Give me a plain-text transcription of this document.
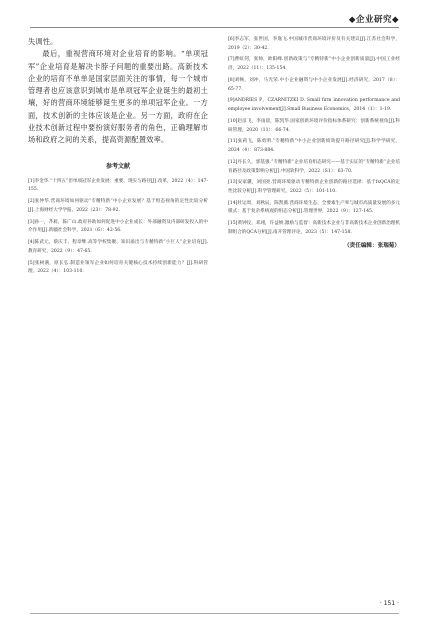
◆企业研究◆

失调性。

最后，重视营商环境对企业培育的影响。“单项冠军”企业培育是解决卡脖子问题的重要出路。高新技术企业的培育不单单是国家层面关注的事情，每一个城市管理者也应该意识到城市是单项冠军企业诞生的最初土壤，好的营商环境能够诞生更多的单项冠军企业。一方面，技术创新的主体应该是企业。另一方面，政府在企业技术创新过程中要扮演好服务者的角色，正确理解市场和政府之间的关系，提高资源配置效率。

参考文献

[1]李金华.“十四五”但单项冠军企业发展：重要、现实与路径[J].改革，2022（4）：147-155.

[2]张仲华.营商环境如何驱动“专精特新”中小企业发展？基于组态视角的定性比较分析[J].上海财经大学学报，2022（23）：78-92.

[3]孙一，齐莉，陈广山.政府补助如何促进中小企业成长：外部融资及内部研发投入的中介作用[J].新疆社会科学，2021（6）：42-56.

[4]陈武元，蔡庆丰，程章继.高等学校集聚、知识溢出与专精特新“小巨人”企业培育[J].教育研究，2022（9）：47-65.

[5]张树满，原长弘.制造业领军企业如何培育关键核心技术持续创新能力？[J].科研管理，2022（4）：103-110.

[6]李志军，张世国，李逸飞.中国城市营商环境评价及有关建议[J].江苏社会科学，2019（2）：30-42.

[7]曹虹剑，张帅，欧阳峰.创新政策与“专精特新”中小企业创新质量[J].中国工业经济，2022（11）：135-154.

[8]刘畅，刘冲，马光荣.中小企业融资与中小企业发展[J].经济研究，2017（8）：65-77.

[9]ANDRIES P，CZARNITZKI D. Small firm innovation performance and employee involvement[J].Small Business Economics，2014（1）：1-19.

[10]赵彦飞，李雨晨，陈凯华.国家创新环境评价指标体系研究：创新系统视角[J].科研管理，2020（11）：66-74.

[11]张莉飞，陈勇明.“专精特新”中小企业创新绩效提升路径研究[J].科学学研究，2024（4）：873-884.

[12]丹长久，郭基强.“专精特新”企业培育组态研究——基于实证的“专精特新”企业培育路径及政策影响分析[J].中国软科学，2022（S1）：63-70.

[13]安家骥，刘国亮.营商环境驱动专精特新企业创新的路径选择：基于fsQCA的定性比较分析[J].科学管理研究，2022（5）：101-110.

[14]杜运周，刘秋辰，陈凯薇.营商环境生态、全要素生产率与城市高质量发展的多元模式：基于复杂系统观的组态分析[J].管理世界，2022（9）：127-145.

[15]黄钟仪，邓翊，许益焕.激励与监督：高新技术企业与非高新技术企业创新治理机制组合的QCA分析[J].南开管理评论，2023（5）：147-158.

（责任编辑：张瑞菊）
· 151 ·
